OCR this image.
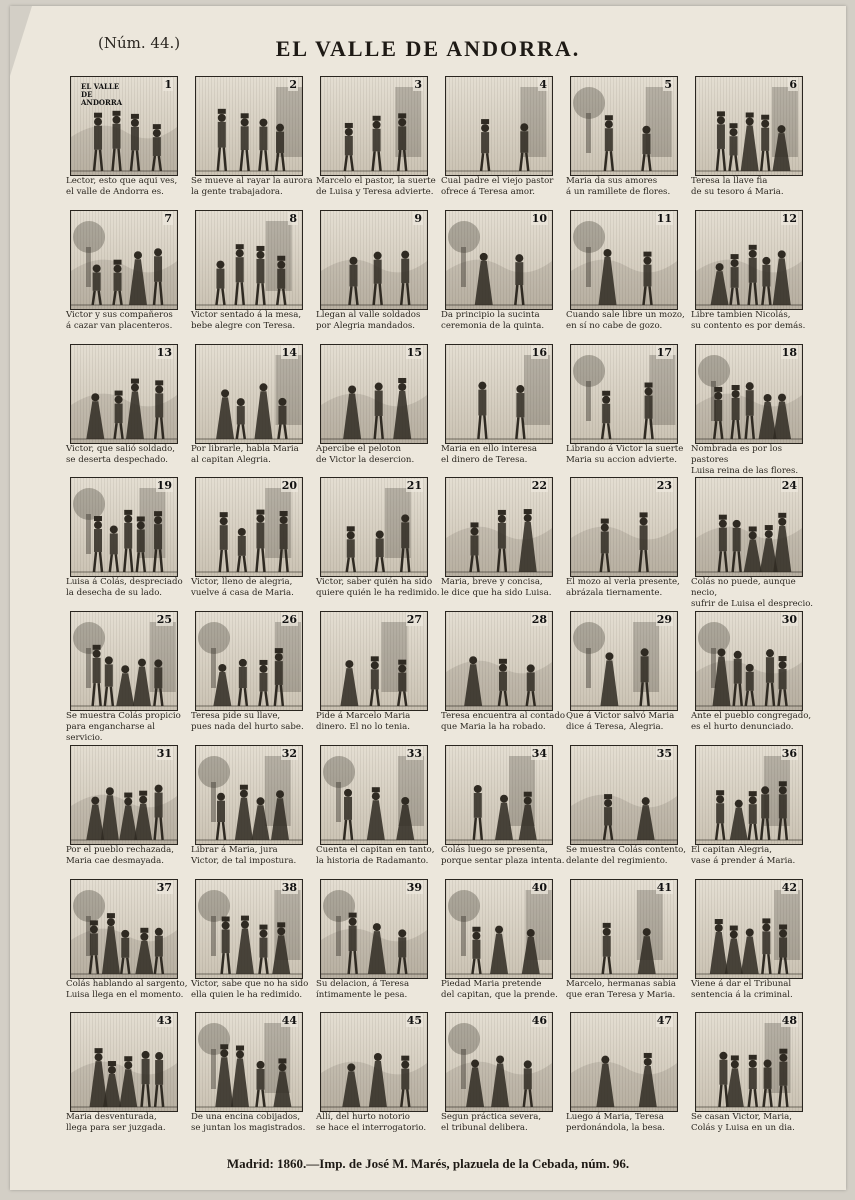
(Núm. 44.)	EL VALLE DE ANDORRA.
EL VALLE DE ANDORRA
1
Lector, esto que aqui ves,
el valle de Andorra es.
2
Se mueve al rayar la aurora
la gente trabajadora.
3
Marcelo el pastor, la suerte
de Luisa y Teresa advierte.
4
Cual padre el viejo pastor
ofrece á Teresa amor.
5
Maria da sus amores
á un ramillete de flores.
6
Teresa la llave fia
de su tesoro á Maria.
7
Victor y sus compañeros
á cazar van placenteros.
8
Victor sentado á la mesa,
bebe alegre con Teresa.
9
Llegan al valle soldados
por Alegria mandados.
10
Da principio la sucinta
ceremonia de la quinta.
11
Cuando sale libre un mozo,
en sí no cabe de gozo.
12
Libre tambien Nicolás,
su contento es por demás.
13
Victor, que salió soldado,
se deserta despechado.
14
Por librarle, habla Maria
al capitan Alegria.
15
Apercibe el peloton
de Victor la desercion.
16
Maria en ello interesa
el dinero de Teresa.
17
Librando á Victor la suerte
Maria su accion advierte.
18
Nombrada es por los pastores
Luisa reina de las flores.
19
Luisa á Colás, despreciado
la desecha de su lado.
20
Victor, lleno de alegria,
vuelve á casa de Maria.
21
Victor, saber quién ha sido
quiere quién le ha redimido.
22
Maria, breve y concisa,
le dice que ha sido Luisa.
23
El mozo al verla presente,
abrázala tiernamente.
24
Colás no puede, aunque necio,
sufrir de Luisa el desprecio.
25
Se muestra Colás propicio
para engancharse al servicio.
26
Teresa pide su llave,
pues nada del hurto sabe.
27
Pide á Marcelo Maria
dinero. El no lo tenia.
28
Teresa encuentra al contado
que Maria la ha robado.
29
Que á Victor salvó Maria
dice á Teresa, Alegria.
30
Ante el pueblo congregado,
es el hurto denunciado.
31
Por el pueblo rechazada,
Maria cae desmayada.
32
Librar á Maria, jura
Victor, de tal impostura.
33
Cuenta el capitan en tanto,
la historia de Radamanto.
34
Colás luego se presenta,
porque sentar plaza intenta.
35
Se muestra Colás contento,
delante del regimiento.
36
El capitan Alegria,
vase á prender á Maria.
37
Colás hablando al sargento,
Luisa llega en el momento.
38
Victor, sabe que no ha sido
ella quien le ha redimido.
39
Su delacion, á Teresa
íntimamente le pesa.
40
Piedad Maria pretende
del capitan, que la prende.
41
Marcelo, hermanas sabia
que eran Teresa y Maria.
42
Viene á dar el Tribunal
sentencia á la criminal.
43
Maria desventurada,
llega para ser juzgada.
44
De una encina cobijados,
se juntan los magistrados.
45
Allí, del hurto notorio
se hace el interrogatorio.
46
Segun práctica severa,
el tribunal delibera.
47
Luego á Maria, Teresa
perdonándola, la besa.
48
Se casan Victor, Maria,
Colás y Luisa en un dia.
Madrid: 1860.—Imp. de José M. Marés, plazuela de la Cebada, núm. 96.
